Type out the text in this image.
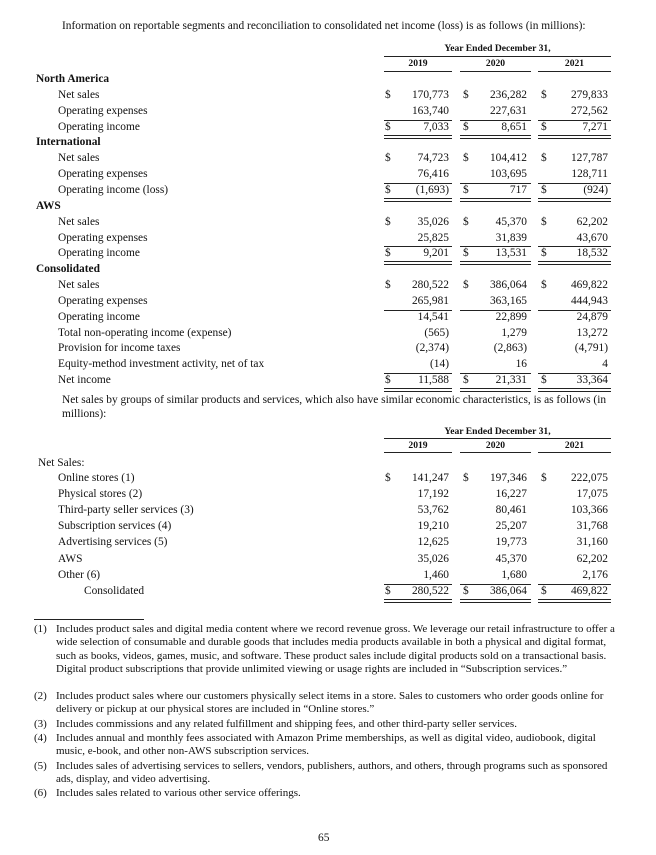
Information on reportable segments and reconciliation to consolidated net income (loss) is as follows (in millions):
Year Ended December 31,
2019	2020	2021
North America
Net sales	$ 170,773 $ 236,282 $ 279,833
Operating expenses	163,740	227,631	272,562
Operating income	$	7,033 $	8,651 $	7,271
International
Net sales	$ 74,723 $ 104,412 $ 127,787
Operating expenses	76,416	103,695	128,711
Operating income (loss)	$ (1,693) $	717 $	(924)
AWS
Net sales	$ 35,026 $ 45,370 $	62,202
Operating expenses	25,825	31,839	43,670
Operating income	$	9,201 $ 13,531 $	18,532
Consolidated
Net sales	$ 280,522 $ 386,064 $ 469,822
Operating expenses	265,981	363,165	444,943
Operating income	14,541	22,899	24,879
Total non-operating income (expense)	(565)	1,279	13,272
Provision for income taxes	(2,374)	(2,863)	(4,791)
Equity-method investment activity, net of tax	(14)	16	4
Net income	$ 11,588 $ 21,331 $	33,364
Net sales by groups of similar products and services, which also have similar economic characteristics, is as follows (in millions):
Year Ended December 31,
2019	2020	2021
Net Sales:
Online stores (1)	$ 141,247 $ 197,346 $ 222,075
Physical stores (2)	17,192	16,227	17,075
Third-party seller services (3)	53,762	80,461	103,366
Subscription services (4)	19,210	25,207	31,768
Advertising services (5)	12,625	19,773	31,160
AWS	35,026	45,370	62,202
Other (6)	1,460	1,680	2,176
Consolidated	$ 280,522 $ 386,064 $ 469,822
(1) Includes product sales and digital media content where we record revenue gross. We leverage our retail infrastructure to offer a wide selection of consumable and durable goods that includes media products available in both a physical and digital format, such as books, videos, games, music, and software. These product sales include digital products sold on a transactional basis. Digital product subscriptions that provide unlimited viewing or usage rights are included in “Subscription services.”
(2) Includes product sales where our customers physically select items in a store. Sales to customers who order goods online for delivery or pickup at our physical stores are included in “Online stores.”
(3) Includes commissions and any related fulfillment and shipping fees, and other third-party seller services.
(4) Includes annual and monthly fees associated with Amazon Prime memberships, as well as digital video, audiobook, digital music, e-book, and other non-AWS subscription services.
(5) Includes sales of advertising services to sellers, vendors, publishers, authors, and others, through programs such as sponsored ads, display, and video advertising.
(6) Includes sales related to various other service offerings.
65
